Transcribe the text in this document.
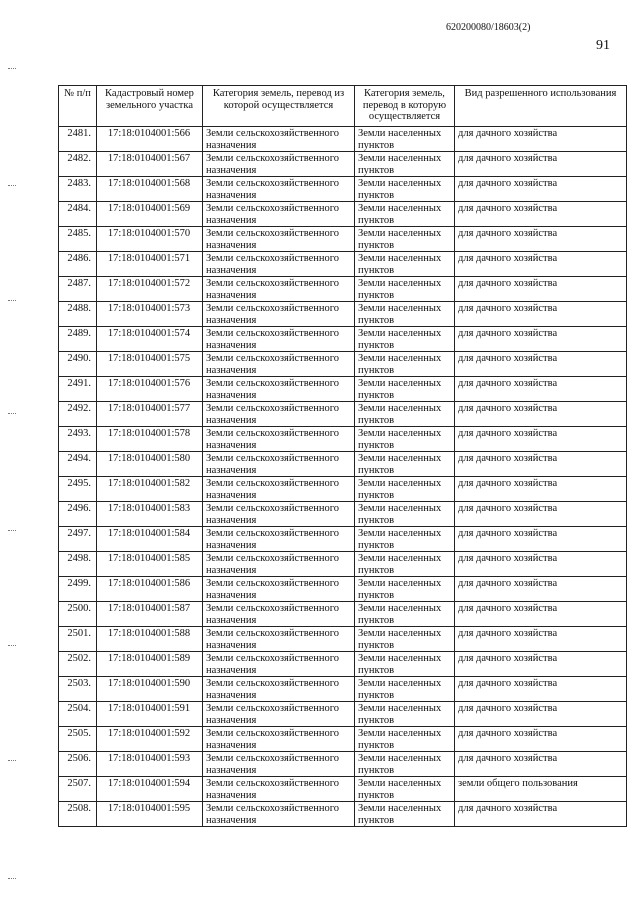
620200080/18603(2)
91
№ п/п	Кадастровый номер земельного участка	Категория земель, перевод из которой осуществляется	Категория земель, перевод в которую осуществляется	Вид разрешенного использования
2481.	17:18:0104001:566	Земли сельскохозяйственного назначения	Земли населенных пунктов	для дачного хозяйства
2482.	17:18:0104001:567	Земли сельскохозяйственного назначения	Земли населенных пунктов	для дачного хозяйства
2483.	17:18:0104001:568	Земли сельскохозяйственного назначения	Земли населенных пунктов	для дачного хозяйства
2484.	17:18:0104001:569	Земли сельскохозяйственного назначения	Земли населенных пунктов	для дачного хозяйства
2485.	17:18:0104001:570	Земли сельскохозяйственного назначения	Земли населенных пунктов	для дачного хозяйства
2486.	17:18:0104001:571	Земли сельскохозяйственного назначения	Земли населенных пунктов	для дачного хозяйства
2487.	17:18:0104001:572	Земли сельскохозяйственного назначения	Земли населенных пунктов	для дачного хозяйства
2488.	17:18:0104001:573	Земли сельскохозяйственного назначения	Земли населенных пунктов	для дачного хозяйства
2489.	17:18:0104001:574	Земли сельскохозяйственного назначения	Земли населенных пунктов	для дачного хозяйства
2490.	17:18:0104001:575	Земли сельскохозяйственного назначения	Земли населенных пунктов	для дачного хозяйства
2491.	17:18:0104001:576	Земли сельскохозяйственного назначения	Земли населенных пунктов	для дачного хозяйства
2492.	17:18:0104001:577	Земли сельскохозяйственного назначения	Земли населенных пунктов	для дачного хозяйства
2493.	17:18:0104001:578	Земли сельскохозяйственного назначения	Земли населенных пунктов	для дачного хозяйства
2494.	17:18:0104001:580	Земли сельскохозяйственного назначения	Земли населенных пунктов	для дачного хозяйства
2495.	17:18:0104001:582	Земли сельскохозяйственного назначения	Земли населенных пунктов	для дачного хозяйства
2496.	17:18:0104001:583	Земли сельскохозяйственного назначения	Земли населенных пунктов	для дачного хозяйства
2497.	17:18:0104001:584	Земли сельскохозяйственного назначения	Земли населенных пунктов	для дачного хозяйства
2498.	17:18:0104001:585	Земли сельскохозяйственного назначения	Земли населенных пунктов	для дачного хозяйства
2499.	17:18:0104001:586	Земли сельскохозяйственного назначения	Земли населенных пунктов	для дачного хозяйства
2500.	17:18:0104001:587	Земли сельскохозяйственного назначения	Земли населенных пунктов	для дачного хозяйства
2501.	17:18:0104001:588	Земли сельскохозяйственного назначения	Земли населенных пунктов	для дачного хозяйства
2502.	17:18:0104001:589	Земли сельскохозяйственного назначения	Земли населенных пунктов	для дачного хозяйства
2503.	17:18:0104001:590	Земли сельскохозяйственного назначения	Земли населенных пунктов	для дачного хозяйства
2504.	17:18:0104001:591	Земли сельскохозяйственного назначения	Земли населенных пунктов	для дачного хозяйства
2505.	17:18:0104001:592	Земли сельскохозяйственного назначения	Земли населенных пунктов	для дачного хозяйства
2506.	17:18:0104001:593	Земли сельскохозяйственного назначения	Земли населенных пунктов	для дачного хозяйства
2507.	17:18:0104001:594	Земли сельскохозяйственного назначения	Земли населенных пунктов	земли общего пользования
2508.	17:18:0104001:595	Земли сельскохозяйственного назначения	Земли населенных пунктов	для дачного хозяйства
